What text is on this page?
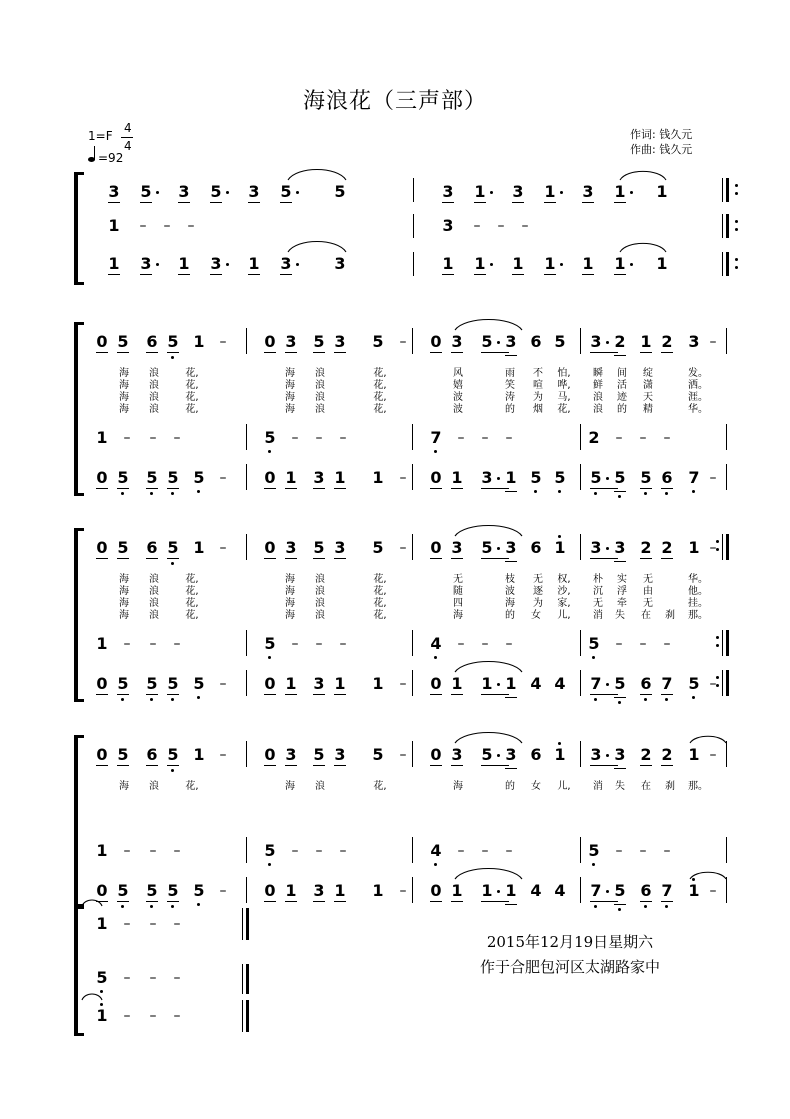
海浪花（三声部）
1=F
4
4
=92
作词: 钱久元
作曲: 钱久元
3 5 3 5 3 5	5	3 1 3 1 3 1 1
1 – – –	3 – – –
1 3 1 3 1 3	3	1 1 1 1 1 1 1
0 5 6 5 1 – 0 3 5 3 5 – 0 3 5 3 6 5 3 2 1 2 3 –
1 – – –	5 – – –	7 – – –	2 – – –
0 5 5 5 5 – 0 1 3 1 1 – 0 1 3 1 5 5 5 5 5 6 7 –
海	浪	花,	海	浪	花,	风	雨	不	怕,	瞬	间	绽	发。
海	浪	花,	海	浪	花,	嬉	笑	喧	哗,	鲜	活	潇	洒。
海	浪	花,	海	浪	花,	波	涛	为	马,	浪	迹	天	涯。
海	浪	花,	海	浪	花,	波	的	烟	花,	浪	的	精	华。
0 5 6 5 1 – 0 3 5 3 5 – 0 3 5 3 6 1 3 3 2 2 1 –
1 – – –	5 – – –	4 – – –	5 – – –
0 5 5 5 5 – 0 1 3 1 1 – 0 1 1 1 4 4 7 5 6 7 5 –
海	浪	花,	海	浪	花,	无	枝	无	权,	朴	实	无	华。
海	浪	花,	海	浪	花,	随	波	逐	沙,	沉	浮	由	他。
海	浪	花,	海	浪	花,	四	海	为	家,	无	牵	无	挂。
海	浪	花,	海	浪	花,	海	的	女	儿,	消	失	在	刹	那。
0 5 6 5 1 – 0 3 5 3 5 – 0 3 5 3 6 1 3 3 2 2 1 –
1 – – –	5 – – –	4 – – –	5 – – –
0 5 5 5 5 – 0 1 3 1 1 – 0 1 1 1 4 4 7 5 6 7 1 –
海	浪	花,	海	浪	花,	海	的	女	儿,	消	失	在	刹	那。
1 – – –
5 – – –
1 – – –
2015年12月19日星期六
作于合肥包河区太湖路家中
